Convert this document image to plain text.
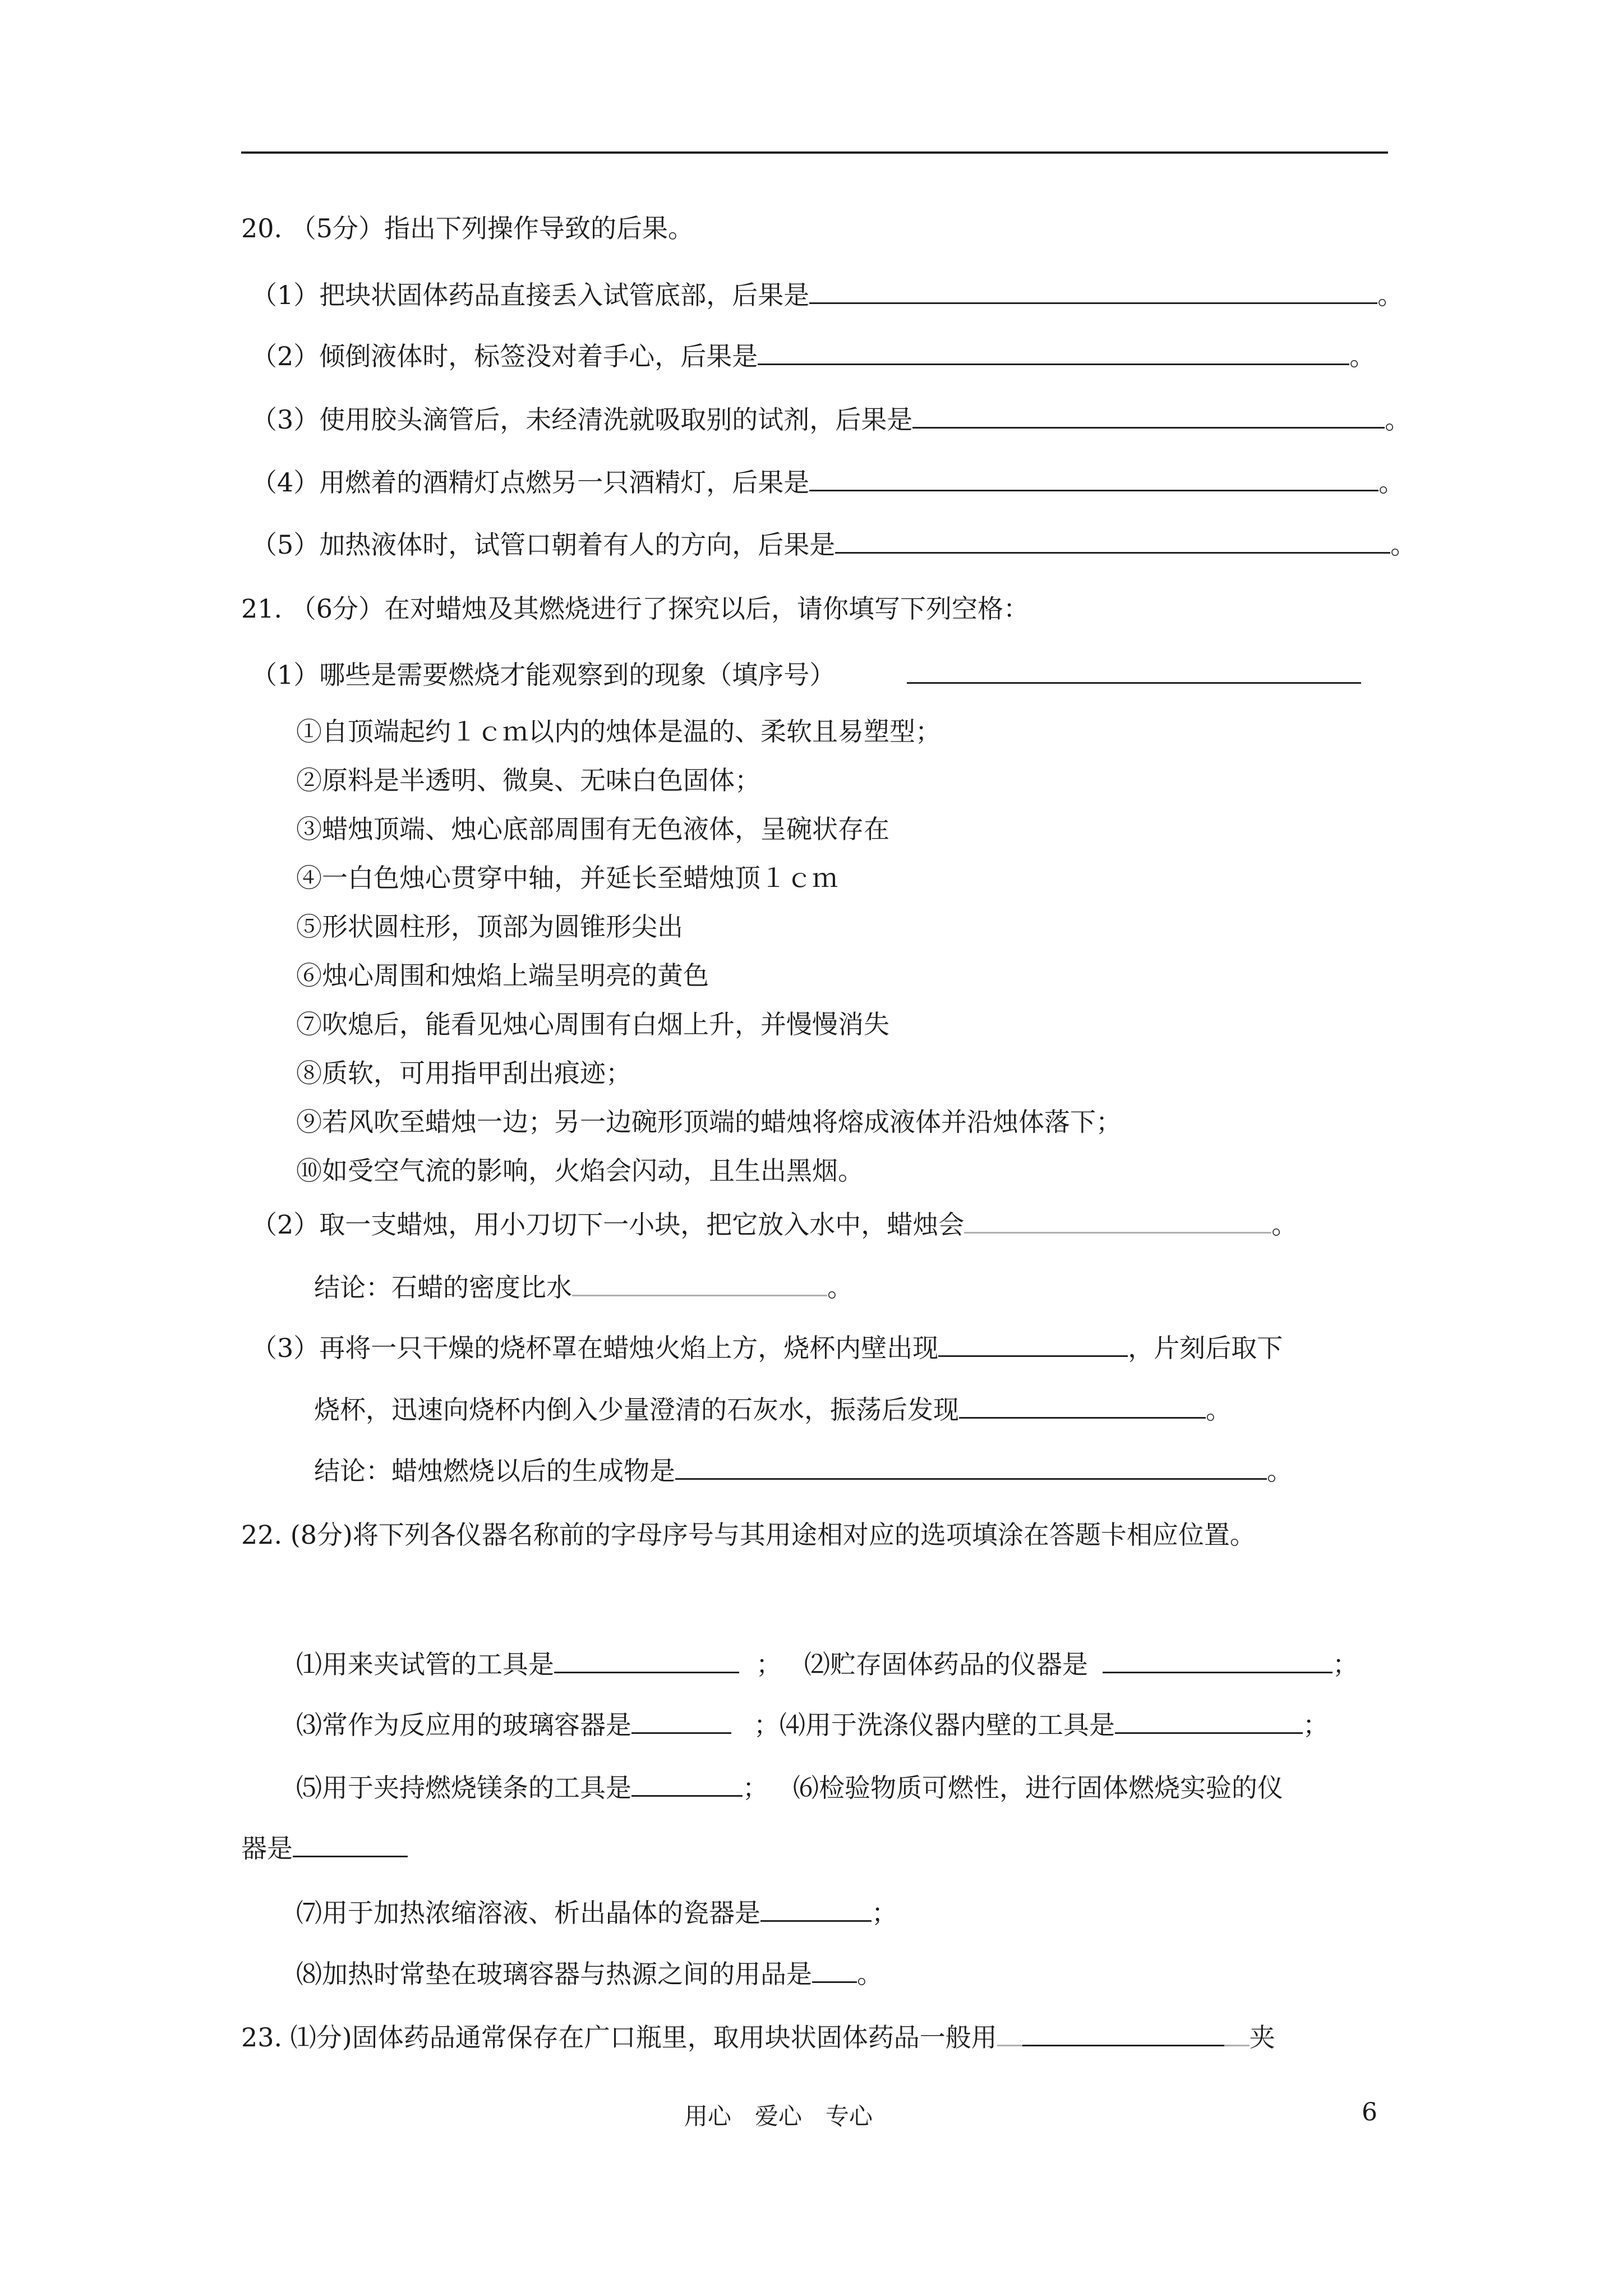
20. （5分）指出下列操作导致的后果。
（1）把块状固体药品直接丢入试管底部，后果是	。
（2）倾倒液体时，标签没对着手心，后果是	。
（3）使用胶头滴管后，未经清洗就吸取别的试剂，后果是	。
（4）用燃着的酒精灯点燃另一只酒精灯，后果是	。
（5）加热液体时，试管口朝着有人的方向，后果是	。
21. （6分）在对蜡烛及其燃烧进行了探究以后，请你填写下列空格：
（1）哪些是需要燃烧才能观察到的现象（填序号）
①自顶端起约１ｃｍ以内的烛体是温的、柔软且易塑型；
②原料是半透明、微臭、无味白色固体；
③蜡烛顶端、烛心底部周围有无色液体，呈碗状存在
④一白色烛心贯穿中轴，并延长至蜡烛顶１ｃｍ
⑤形状圆柱形，顶部为圆锥形尖出
⑥烛心周围和烛焰上端呈明亮的黄色
⑦吹熄后，能看见烛心周围有白烟上升，并慢慢消失
⑧质软，可用指甲刮出痕迹；
⑨若风吹至蜡烛一边；另一边碗形顶端的蜡烛将熔成液体并沿烛体落下；
⑩如受空气流的影响，火焰会闪动，且生出黑烟。
（2）取一支蜡烛，用小刀切下一小块，把它放入水中，蜡烛会	。
结论：石蜡的密度比水	。
（3）再将一只干燥的烧杯罩在蜡烛火焰上方，烧杯内壁出现	，片刻后取下
烧杯，迅速向烧杯内倒入少量澄清的石灰水，振荡后发现	。
结论：蜡烛燃烧以后的生成物是	。
22. (8分)将下列各仪器名称前的字母序号与其用途相对应的选项填涂在答题卡相应位置。
⑴用来夹试管的工具是	； ⑵贮存固体药品的仪器是	；
⑶常作为反应用的玻璃容器是	；⑷用于洗涤仪器内壁的工具是	；
⑸用于夹持燃烧镁条的工具是	； ⑹检验物质可燃性，进行固体燃烧实验的仪
器是
⑺用于加热浓缩溶液、析出晶体的瓷器是	；
⑻加热时常垫在玻璃容器与热源之间的用品是 。
23. ⑴分)固体药品通常保存在广口瓶里，取用块状固体药品一般用	夹
用心　爱心　专心	6
